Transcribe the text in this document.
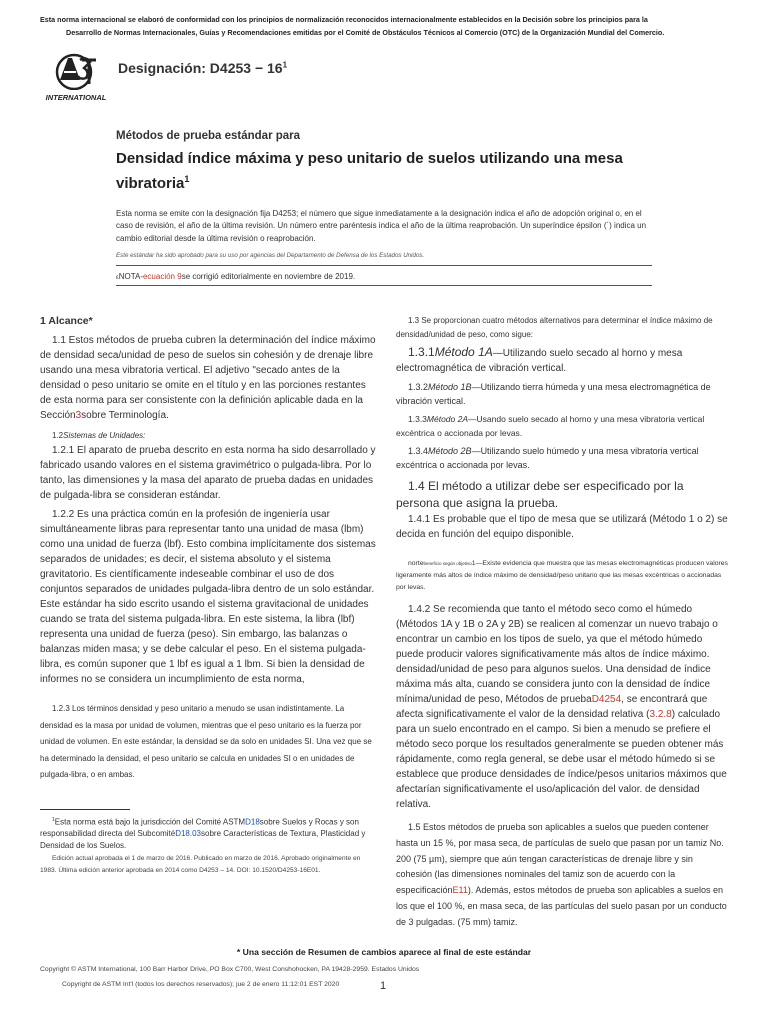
Esta norma internacional se elaboró de conformidad con los principios de normalización reconocidos internacionalmente establecidos en la Decisión sobre los principios para la
Desarrollo de Normas Internacionales, Guías y Recomendaciones emitidas por el Comité de Obstáculos Técnicos al Comercio (OTC) de la Organización Mundial del Comercio.
INTERNATIONAL
Designación: $D4253 - 16^1$
Métodos de prueba estándar para
Densidad índice máxima y peso unitario de suelos utilizando una mesa vibratoria$^1$
Esta norma se emite con la designación fija D4253; el número que sigue inmediatamente a la designación indica el año de adopción original o, en el caso de revisión, el año de la última revisión. Un número entre paréntesis indica el año de la última reaprobación. Un superíndice épsilon (´) indica un cambio editorial desde la última revisión o reaprobación.
Este estándar ha sido aprobado para su uso por agencias del Departamento de Defensa de los Estados Unidos.
εNOTA-ecuación 9se corrigió editorialmente en noviembre de 2019.
1 Alcance*

1.1 Estos métodos de prueba cubren la determinación del índice máximo de densidad seca/unidad de peso de suelos sin cohesión y de drenaje libre usando una mesa vibratoria vertical. El adjetivo "secado antes de la densidad o peso unitario se omite en el título y en las porciones restantes de esta norma para ser consistente con la definición aplicable dada en la Sección3sobre Terminología.

1.2Sistemas de Unidades:

1.2.1 El aparato de prueba descrito en esta norma ha sido desarrollado y fabricado usando valores en el sistema gravimétrico o pulgada-libra. Por lo tanto, las dimensiones y la masa del aparato de prueba dadas en unidades de pulgada-libra se consideran estándar.

1.2.2 Es una práctica común en la profesión de ingeniería usar simultáneamente libras para representar tanto una unidad de masa (lbm) como una unidad de fuerza (lbf). Esto combina implícitamente dos sistemas separados de unidades; es decir, el sistema absoluto y el sistema gravitatorio. Es científicamente indeseable combinar el uso de dos conjuntos separados de unidades pulgada-libra dentro de un solo estándar. Este estándar ha sido escrito usando el sistema gravitacional de unidades cuando se trata del sistema pulgada-libra. En este sistema, la libra (lbf) representa una unidad de fuerza (peso). Sin embargo, las balanzas o balanzas miden masa; y se debe calcular el peso. En el sistema pulgada-libra, es común suponer que 1 lbf es igual a 1 lbm. Si bien la densidad de informes no se considera un incumplimiento de esta norma,

1.2.3 Los términos densidad y peso unitario a menudo se usan indistintamente. La densidad es la masa por unidad de volumen, mientras que el peso unitario es la fuerza por unidad de volumen. En este estándar, la densidad se da solo en unidades SI. Una vez que se ha determinado la densidad, el peso unitario se calcula en unidades SI o en unidades de pulgada-libra, o en ambas.

1.3 Se proporcionan cuatro métodos alternativos para determinar el índice máximo de densidad/unidad de peso, como sigue:

1.3.1Método 1A—Utilizando suelo secado al horno y mesa electromagnética de vibración vertical.

1.3.2Método 1B—Utilizando tierra húmeda y una mesa electromagnética de vibración vertical.

1.3.3Método 2A—Usando suelo secado al horno y una mesa vibratoria vertical excéntrica o accionada por levas.

1.3.4Método 2B—Utilizando suelo húmedo y una mesa vibratoria vertical excéntrica o accionada por levas.

1.4 El método a utilizar debe ser especificado por la persona que asigna la prueba.

1.4.1 Es probable que el tipo de mesa que se utilizará (Método 1 o 2) se decida en función del equipo disponible.

nortebeneficio según objetivo1—Existe evidencia que muestra que las mesas electromagnéticas producen valores ligeramente más altos de índice máximo de densidad/peso unitario que las mesas excéntricas o accionadas por levas.

1.4.2 Se recomienda que tanto el método seco como el húmedo (Métodos 1A y 1B o 2A y 2B) se realicen al comenzar un nuevo trabajo o encontrar un cambio en los tipos de suelo, ya que el método húmedo puede producir valores significativamente más altos de índice máximo. densidad/unidad de peso para algunos suelos. Una densidad de índice máxima más alta, cuando se considera junto con la densidad de índice mínima/unidad de peso, Métodos de pruebaD4254, se encontrará que afecta significativamente el valor de la densidad relativa (3.2.8) calculado para un suelo encontrado en el campo. Si bien a menudo se prefiere el método seco porque los resultados generalmente se pueden obtener más rápidamente, como regla general, se debe usar el método húmedo si se establece que produce densidades de índice/pesos unitarios máximos que afectarían significativamente el uso/aplicación del valor. de densidad relativa.

1.5 Estos métodos de prueba son aplicables a suelos que pueden contener hasta un 15 %, por masa seca, de partículas de suelo que pasan por un tamiz No. 200 (75 µm), siempre que aún tengan características de drenaje libre y sin cohesión (las dimensiones nominales del tamiz son de acuerdo con la especificaciónE11). Además, estos métodos de prueba son aplicables a suelos en los que el 100 %, en masa seca, de las partículas del suelo pasan por un conducto de 3 pulgadas. (75 mm) tamiz.

$^1$Esta norma está bajo la jurisdicción del Comité ASTMD18sobre Suelos y Rocas y son responsabilidad directa del SubcomitéD18.03sobre Características de Textura, Plasticidad y Densidad de los Suelos.
Edición actual aprobada el 1 de marzo de 2016. Publicado en marzo de 2016. Aprobado originalmente en 1983. Última edición anterior aprobada en 2014 como D4253 – 14. DOI: 10.1520/D4253-16E01.
* Una sección de Resumen de cambios aparece al final de este estándar
Copyright © ASTM International, 100 Barr Harbor Drive, PO Box C700, West Conshohocken, PA 19428-2959. Estados Unidos
Copyright de ASTM Int'l (todos los derechos reservados); jue 2 de enero 11:12:01 EST 2020	1
